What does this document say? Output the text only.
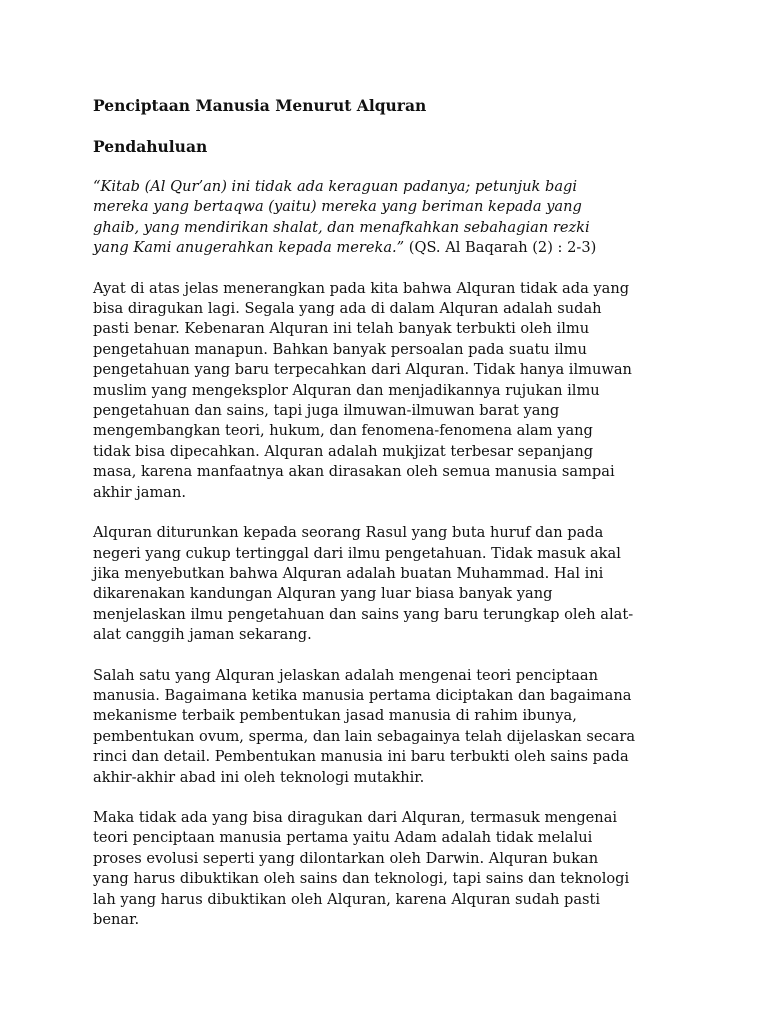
Penciptaan Manusia Menurut Alquran
Pendahuluan
“Kitab (Al Qur’an) ini tidak ada keraguan padanya; petunjuk bagi
mereka yang bertaqwa (yaitu) mereka yang beriman kepada yang
ghaib, yang mendirikan shalat, dan menafkahkan sebahagian rezki
yang Kami anugerahkan kepada mereka.” (QS. Al Baqarah (2) : 2-3)
Ayat di atas jelas menerangkan pada kita bahwa Alquran tidak ada yang
bisa diragukan lagi. Segala yang ada di dalam Alquran adalah sudah
pasti benar. Kebenaran Alquran ini telah banyak terbukti oleh ilmu
pengetahuan manapun. Bahkan banyak persoalan pada suatu ilmu
pengetahuan yang baru terpecahkan dari Alquran. Tidak hanya ilmuwan
muslim yang mengeksplor Alquran dan menjadikannya rujukan ilmu
pengetahuan dan sains, tapi juga ilmuwan-ilmuwan barat yang
mengembangkan teori, hukum, dan fenomena-fenomena alam yang
tidak bisa dipecahkan. Alquran adalah mukjizat terbesar sepanjang
masa, karena manfaatnya akan dirasakan oleh semua manusia sampai
akhir jaman.
Alquran diturunkan kepada seorang Rasul yang buta huruf dan pada
negeri yang cukup tertinggal dari ilmu pengetahuan. Tidak masuk akal
jika menyebutkan bahwa Alquran adalah buatan Muhammad. Hal ini
dikarenakan kandungan Alquran yang luar biasa banyak yang
menjelaskan ilmu pengetahuan dan sains yang baru terungkap oleh alat-
alat canggih jaman sekarang.
Salah satu yang Alquran jelaskan adalah mengenai teori penciptaan
manusia. Bagaimana ketika manusia pertama diciptakan dan bagaimana
mekanisme terbaik pembentukan jasad manusia di rahim ibunya,
pembentukan ovum, sperma, dan lain sebagainya telah dijelaskan secara
rinci dan detail. Pembentukan manusia ini baru terbukti oleh sains pada
akhir-akhir abad ini oleh teknologi mutakhir.
Maka tidak ada yang bisa diragukan dari Alquran, termasuk mengenai
teori penciptaan manusia pertama yaitu Adam adalah tidak melalui
proses evolusi seperti yang dilontarkan oleh Darwin. Alquran bukan
yang harus dibuktikan oleh sains dan teknologi, tapi sains dan teknologi
lah yang harus dibuktikan oleh Alquran, karena Alquran sudah pasti
benar.
